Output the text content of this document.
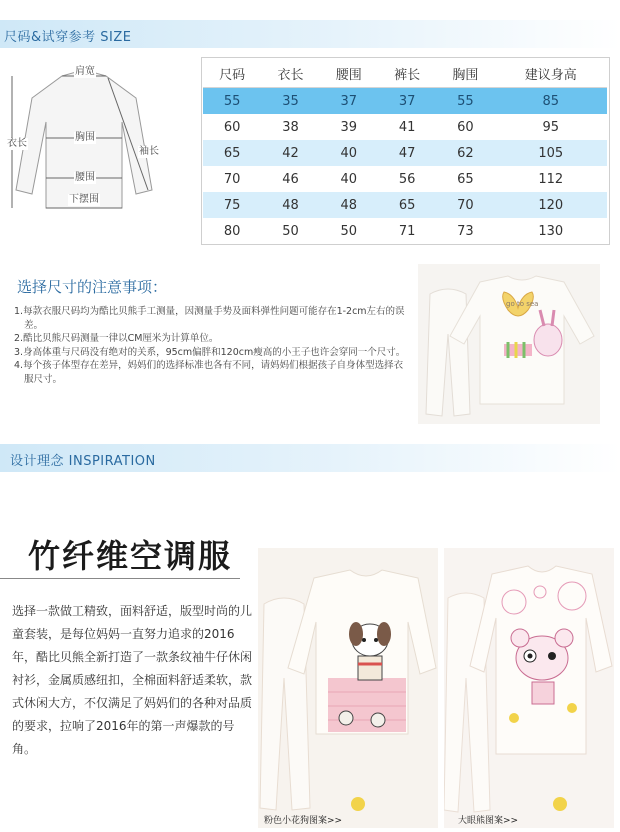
尺码&试穿参考 SIZE
肩宽
胸围
衣长
袖长
腰围
下摆围
尺码	衣长	腰围	裤长	胸围	建议身高
55	35	37	37	55	85
60	38	39	41	60	95
65	42	40	47	62	105
70	46	40	56	65	112
75	48	48	65	70	120
80	50	50	71	73	130
选择尺寸的注意事项：

1.每款衣服尺码均为酷比贝熊手工测量，因测量手势及面料弹性问题可能存在1-2cm左右的误差。

2.酷比贝熊尺码测量一律以CM厘米为计算单位。

3.身高体重与尺码没有绝对的关系，95cm偏胖和120cm瘦高的小王子也许会穿同一个尺寸。

4.每个孩子体型存在差异，妈妈们的选择标准也各有不同，请妈妈们根据孩子自身体型选择衣服尺寸。

go to sea
设计理念 INSPIRATION
竹纤维空调服
选择一款做工精致，面料舒适，版型时尚的儿童套装，是每位妈妈一直努力追求的2016年，酷比贝熊全新打造了一款条纹袖牛仔休闲衬衫，金属质感纽扣，全棉面料舒适柔软，款式休闲大方，不仅满足了妈妈们的各种对品质的要求，拉响了2016年的第一声爆款的号角。
粉色小花狗图案>>	大眼熊图案>>
